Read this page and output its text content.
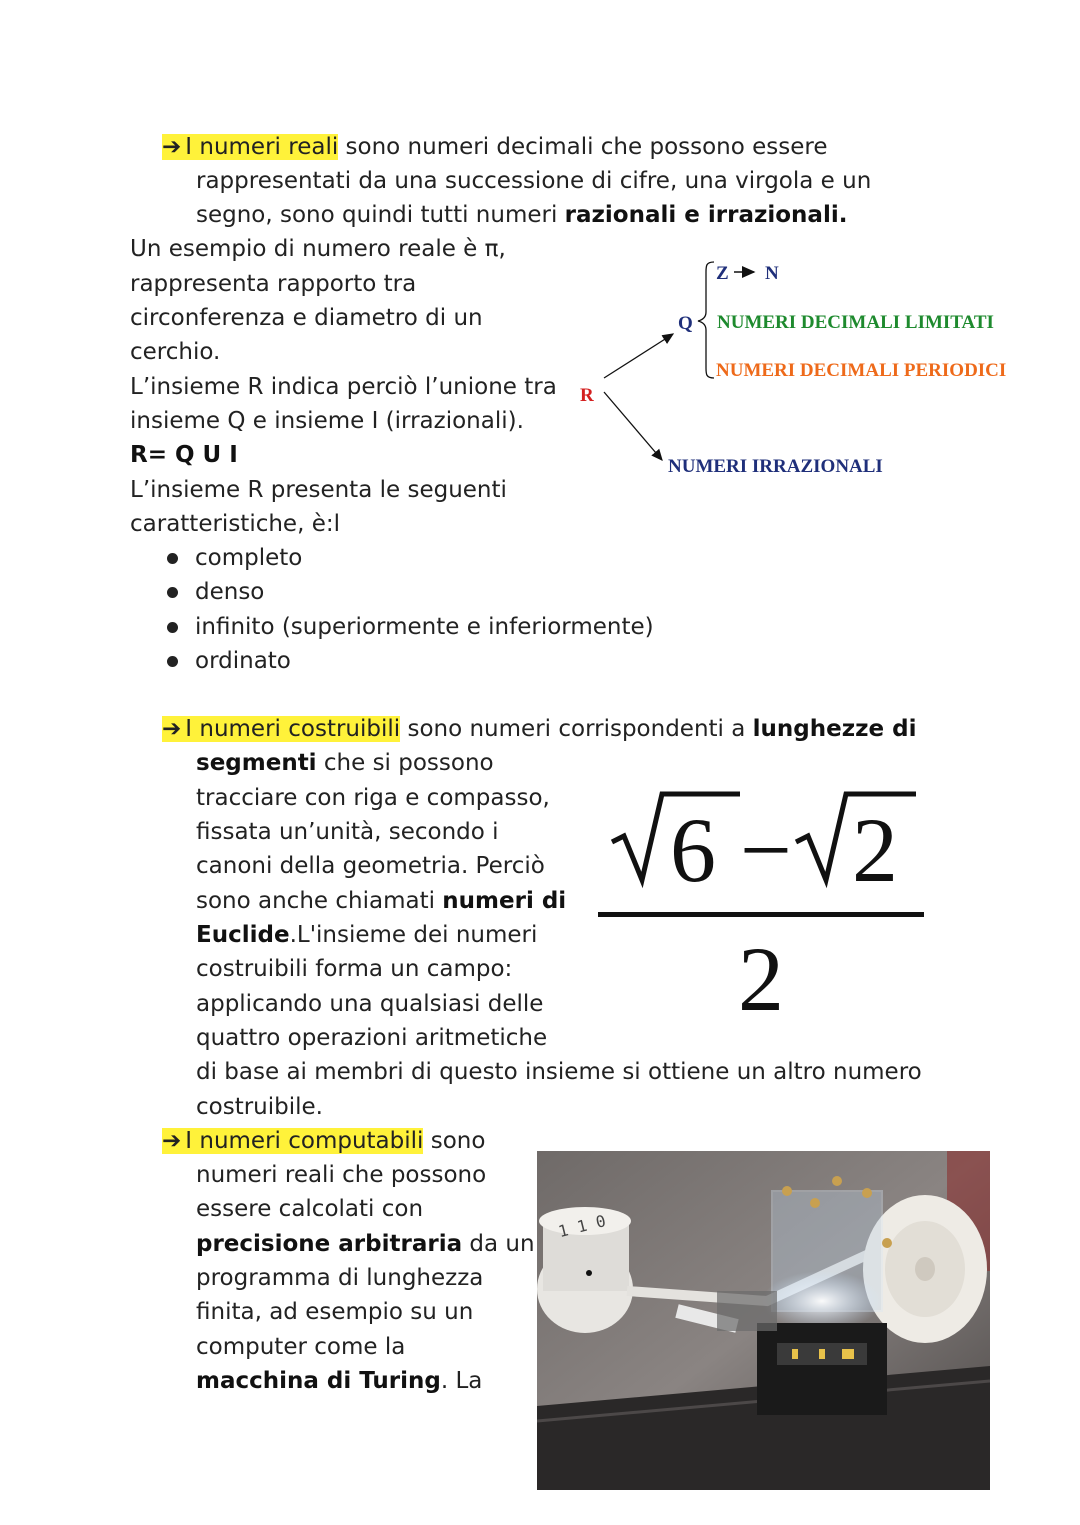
➔ I numeri reali sono numeri decimali che possono essere

rappresentati da una successione di cifre, una virgola e un

segno, sono quindi tutti numeri razionali e irrazionali.

Un esempio di numero reale è π,

rappresenta rapporto tra

circonferenza e diametro di un

cerchio.

L’insieme R indica perciò l’unione tra

insieme Q e insieme I (irrazionali).

R= Q U I

L’insieme R presenta le seguenti

caratteristiche, è:l

completo
denso
infinito (superiormente e inferiormente)
ordinato
R
Q
Z N
NUMERI DECIMALI LIMITATI
NUMERI DECIMALI PERIODICI
NUMERI IRRAZIONALI

➔ I numeri costruibili sono numeri corrispondenti a lunghezze di

segmenti che si possono

tracciare con riga e compasso,

fissata un’unità, secondo i

canoni della geometria. Perciò

sono anche chiamati numeri di

Euclide.L'insieme dei numeri

costruibili forma un campo:

applicando una qualsiasi delle

quattro operazioni aritmetiche

di base ai membri di questo insieme si ottiene un altro numero

costruibile.

6 − 2
2

➔ I numeri computabili sono

numeri reali che possono

essere calcolati con

precisione arbitraria da un

programma di lunghezza

finita, ad esempio su un

computer come la

macchina di Turing. La

1 1 0
